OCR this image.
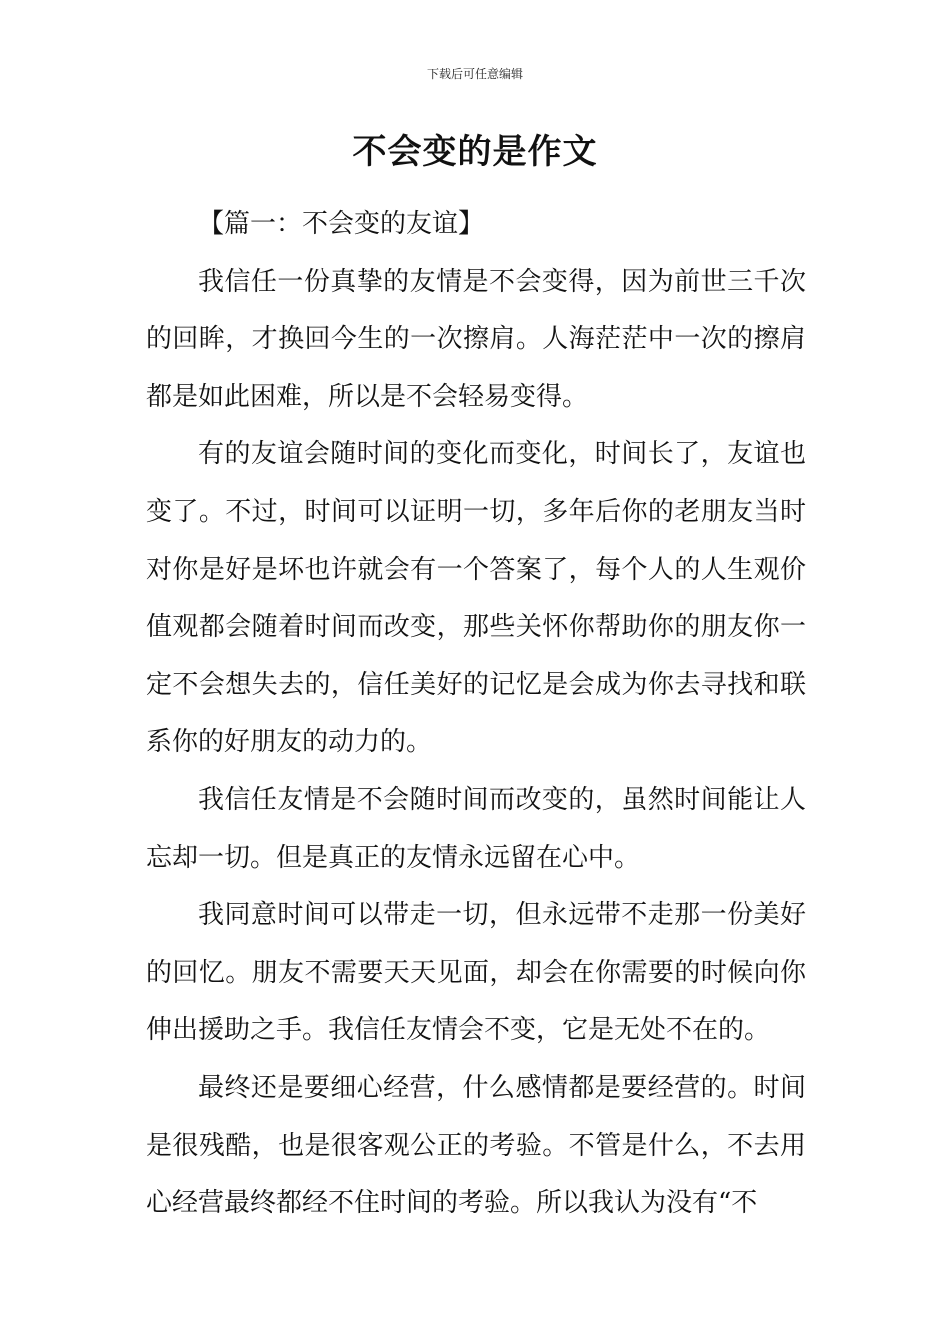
下载后可任意编辑
不会变的是作文

【篇一：不会变的友谊】

我信任一份真挚的友情是不会变得，因为前世三千次的回眸，才换回今生的一次擦肩。人海茫茫中一次的擦肩都是如此困难，所以是不会轻易变得。

有的友谊会随时间的变化而变化，时间长了，友谊也变了。不过，时间可以证明一切，多年后你的老朋友当时对你是好是坏也许就会有一个答案了，每个人的人生观价值观都会随着时间而改变，那些关怀你帮助你的朋友你一定不会想失去的，信任美好的记忆是会成为你去寻找和联系你的好朋友的动力的。

我信任友情是不会随时间而改变的，虽然时间能让人忘却一切。但是真正的友情永远留在心中。

我同意时间可以带走一切，但永远带不走那一份美好的回忆。朋友不需要天天见面，却会在你需要的时候向你伸出援助之手。我信任友情会不变，它是无处不在的。

最终还是要细心经营，什么感情都是要经营的。时间是很残酷，也是很客观公正的考验。不管是什么，不去用心经营最终都经不住时间的考验。所以我认为没有“不
